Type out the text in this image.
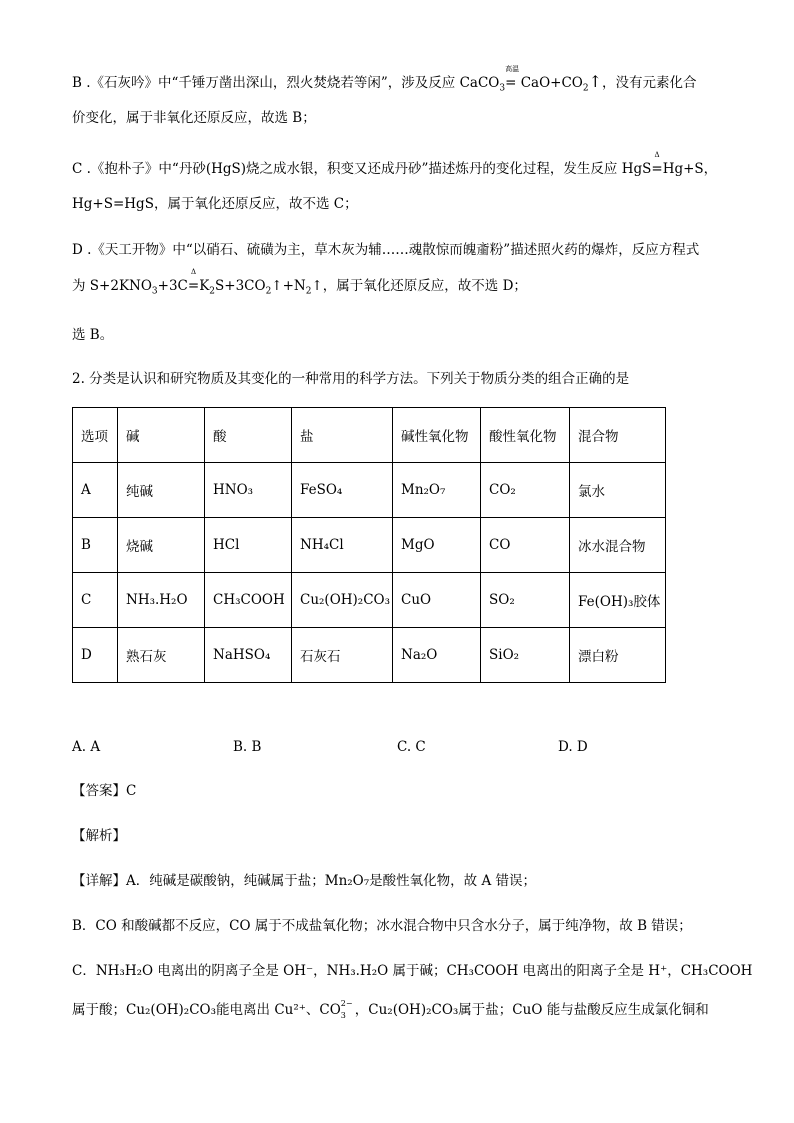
B .《石灰吟》中“千锤万凿出深山，烈火焚烧若等闲”，涉及反应 CaCO$_3$
高温
= $CaO+CO_2↑$，没有元素化合
价变化，属于非氧化还原反应，故选 B；
C .《抱朴子》中“丹砂(HgS)烧之成水银，积变又还成丹砂”描述炼丹的变化过程，发生反应 HgS
Δ
=Hg+S，
Hg+S=HgS，属于氧化还原反应，故不选 C；
D .《天工开物》中“以硝石、硫磺为主，草木灰为辅……魂散惊而魄齑粉”描述照火药的爆炸，反应方程式
为 $S+2KNO_3+3C$
Δ
$=K_2S+3CO_2↑+N_2↑$，属于氧化还原反应，故不选 D；
选 B。
2. 分类是认识和研究物质及其变化的一种常用的科学方法。下列关于物质分类的组合正确的是
选项	碱	酸	盐	碱性氧化物	酸性氧化物	混合物
A	纯碱	HNO₃	FeSO₄	Mn₂O₇	CO₂	氯水
B	烧碱	HCl	NH₄Cl	MgO	CO	冰水混合物
C	NH₃.H₂O	CH₃COOH	Cu₂(OH)₂CO₃	CuO	SO₂	Fe(OH)₃胶体
D	熟石灰	NaHSO₄	石灰石	Na₂O	SiO₂	漂白粉
A. A	B. B	C. C	D. D
【答案】C
【解析】
【详解】A．纯碱是碳酸钠，纯碱属于盐；Mn₂O₇是酸性氧化物，故 A 错误；
B．CO 和酸碱都不反应，CO 属于不成盐氧化物；冰水混合物中只含水分子，属于纯净物，故 B 错误；
C．NH₃H₂O 电离出的阴离子全是 OH⁻，NH₃.H₂O 属于碱；CH₃COOH 电离出的阳离子全是 H⁺，CH₃COOH
属于酸；Cu₂(OH)₂CO₃能电离出 Cu²⁺、CO 2−
3 ，Cu₂(OH)₂CO₃属于盐；CuO 能与盐酸反应生成氯化铜和
